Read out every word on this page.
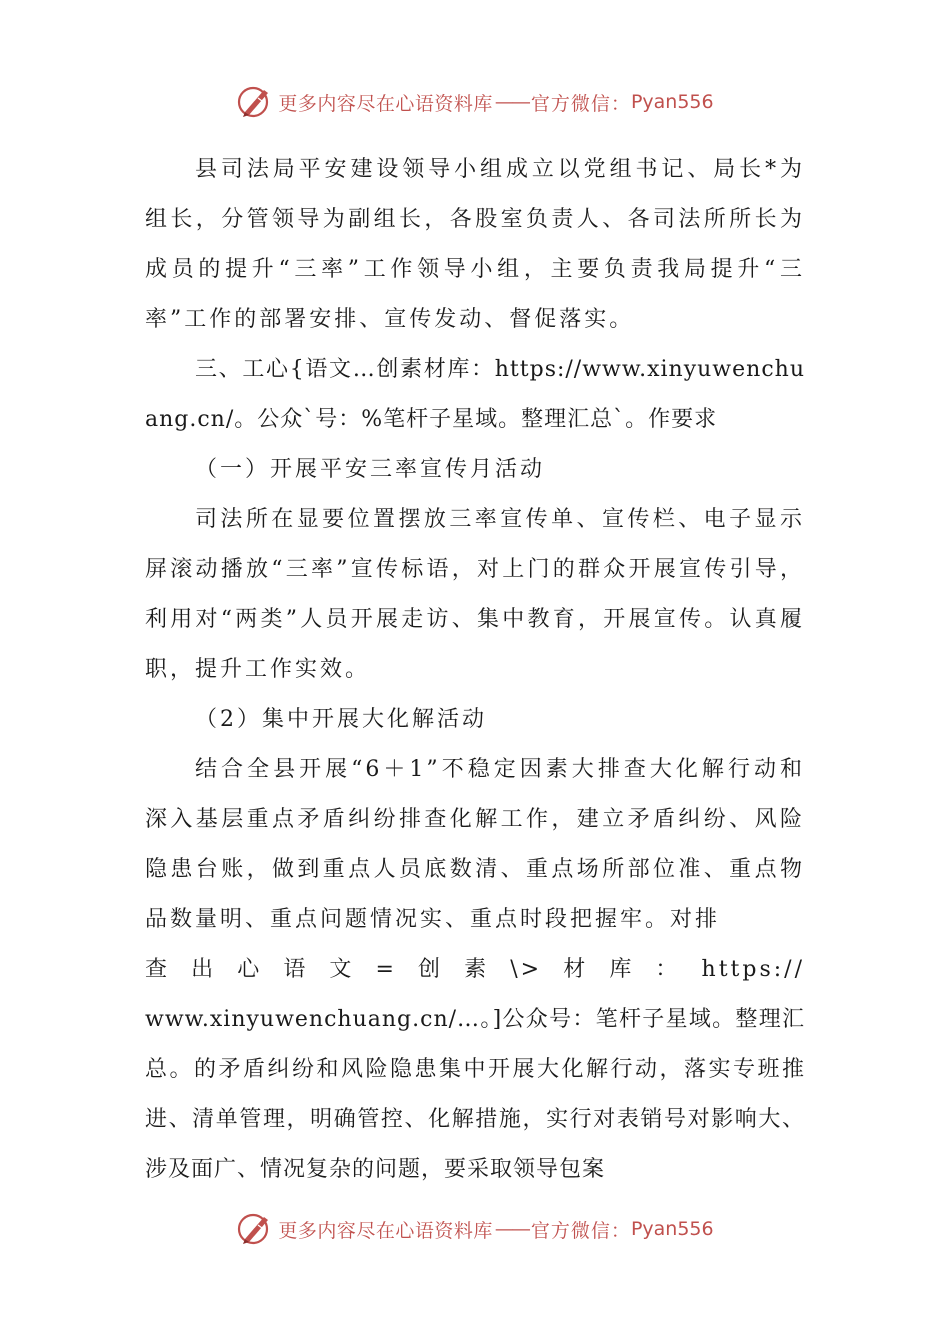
更多内容尽在心语资料库 —— 官方微信： Pyan556

县司法局平安建设领导小组成立以党组书记、局长*为组长，分管领导为副组长，各股室负责人、各司法所所长为成员的提升“三率”工作领导小组，主要负责我局提升“三率”工作的部署安排、宣传发动、督促落实。

三、工心{语文…创素材库：https://www.xinyuwenchuang.cn/。公众`号：%笔杆子星域。整理汇总`。作要求

（一）开展平安三率宣传月活动

司法所在显要位置摆放三率宣传单、宣传栏、电子显示屏滚动播放“三率”宣传标语，对上门的群众开展宣传引导，利用对“两类”人员开展走访、集中教育，开展宣传。认真履职，提升工作实效。

（2）集中开展大化解活动

结合全县开展“6＋1”不稳定因素大排查大化解行动和深入基层重点矛盾纠纷排查化解工作，建立矛盾纠纷、风险隐患台账，做到重点人员底数清、重点场所部位准、重点物品数量明、重点问题情况实、重点时段把握牢。对排

查出心语文=创素\>材库：https://

www.xinyuwenchuang.cn/…。]公众号：笔杆子星域。整理汇总。的矛盾纠纷和风险隐患集中开展大化解行动，落实专班推进、清单管理，明确管控、化解措施，实行对表销号对影响大、涉及面广、情况复杂的问题，要采取领导包案

更多内容尽在心语资料库 —— 官方微信： Pyan556
